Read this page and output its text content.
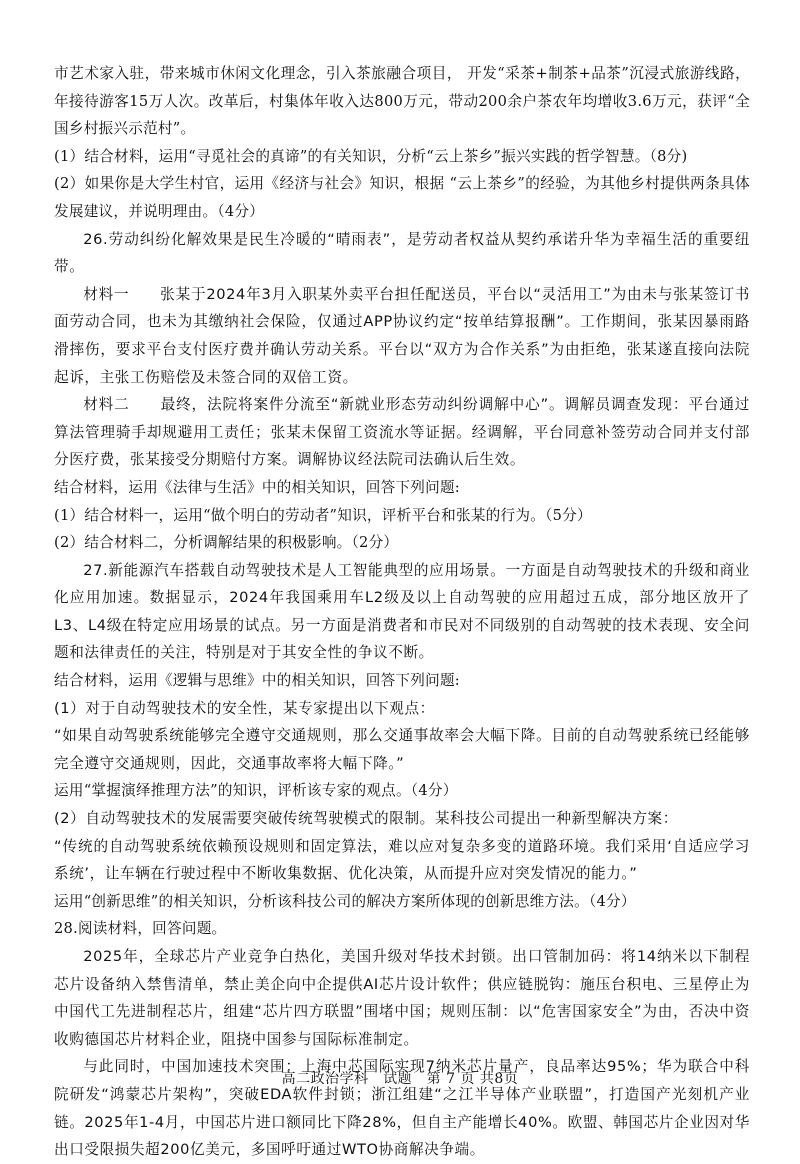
市艺术家入驻，带来城市休闲文化理念，引入茶旅融合项目， 开发“采茶+制茶+品茶”沉浸式旅游线路，年接待游客15万人次。改革后，村集体年收入达800万元，带动200余户茶农年均增收3.6万元，获评“全国乡村振兴示范村”。

(1）结合材料，运用“寻觅社会的真谛”的有关知识，分析“云上茶乡”振兴实践的哲学智慧。（8分)

(2）如果你是大学生村官，运用《经济与社会》知识，根据 “云上茶乡”的经验，为其他乡村提供两条具体发展建议，并说明理由。（4分）

26.劳动纠纷化解效果是民生冷暖的“晴雨表”，是劳动者权益从契约承诺升华为幸福生活的重要纽带。

材料一　　张某于2024年3月入职某外卖平台担任配送员，平台以“灵活用工”为由未与张某签订书面劳动合同，也未为其缴纳社会保险，仅通过APP协议约定“按单结算报酬”。工作期间，张某因暴雨路滑摔伤，要求平台支付医疗费并确认劳动关系。平台以“双方为合作关系”为由拒绝，张某遂直接向法院起诉，主张工伤赔偿及未签合同的双倍工资。

材料二　　最终，法院将案件分流至“新就业形态劳动纠纷调解中心”。调解员调查发现：平台通过算法管理骑手却规避用工责任；张某未保留工资流水等证据。经调解，平台同意补签劳动合同并支付部分医疗费，张某接受分期赔付方案。调解协议经法院司法确认后生效。

结合材料，运用《法律与生活》中的相关知识，回答下列问题:

(1）结合材料一，运用“做个明白的劳动者”知识，评析平台和张某的行为。（5分）

(2）结合材料二，分析调解结果的积极影响。（2分）

27.新能源汽车搭载自动驾驶技术是人工智能典型的应用场景。一方面是自动驾驶技术的升级和商业化应用加速。数据显示，2024年我国乘用车L2级及以上自动驾驶的应用超过五成，部分地区放开了L3、L4级在特定应用场景的试点。另一方面是消费者和市民对不同级别的自动驾驶的技术表现、安全问题和法律责任的关注，特别是对于其安全性的争议不断。

结合材料，运用《逻辑与思维》中的相关知识，回答下列问题:

(1）对于自动驾驶技术的安全性，某专家提出以下观点：

“如果自动驾驶系统能够完全遵守交通规则，那么交通事故率会大幅下降。目前的自动驾驶系统已经能够完全遵守交通规则，因此，交通事故率将大幅下降。”

运用“掌握演绎推理方法”的知识，评析该专家的观点。（4分）

(2）自动驾驶技术的发展需要突破传统驾驶模式的限制。某科技公司提出一种新型解决方案：

“传统的自动驾驶系统依赖预设规则和固定算法，难以应对复杂多变的道路环境。我们采用‘自适应学习系统’，让车辆在行驶过程中不断收集数据、优化决策，从而提升应对突发情况的能力。”

运用“创新思维”的相关知识，分析该科技公司的解决方案所体现的创新思维方法。（4分）

28.阅读材料，回答问题。

2025年，全球芯片产业竞争白热化，美国升级对华技术封锁。出口管制加码：将14纳米以下制程芯片设备纳入禁售清单，禁止美企向中企提供AI芯片设计软件；供应链脱钩：施压台积电、三星停止为中国代工先进制程芯片，组建“芯片四方联盟”围堵中国；规则压制：以“危害国家安全”为由，否决中资收购德国芯片材料企业，阻挠中国参与国际标准制定。

与此同时，中国加速技术突围：上海中芯国际实现7纳米芯片量产，良品率达95%；华为联合中科院研发“鸿蒙芯片架构”，突破EDA软件封锁；浙江组建“之江半导体产业联盟”，打造国产光刻机产业链。2025年1-4月，中国芯片进口额同比下降28%，但自主产能增长40%。欧盟、韩国芯片企业因对华出口受限损失超200亿美元，多国呼吁通过WTO协商解决争端。

高二政治学科　试题　第 7 页 共8页
